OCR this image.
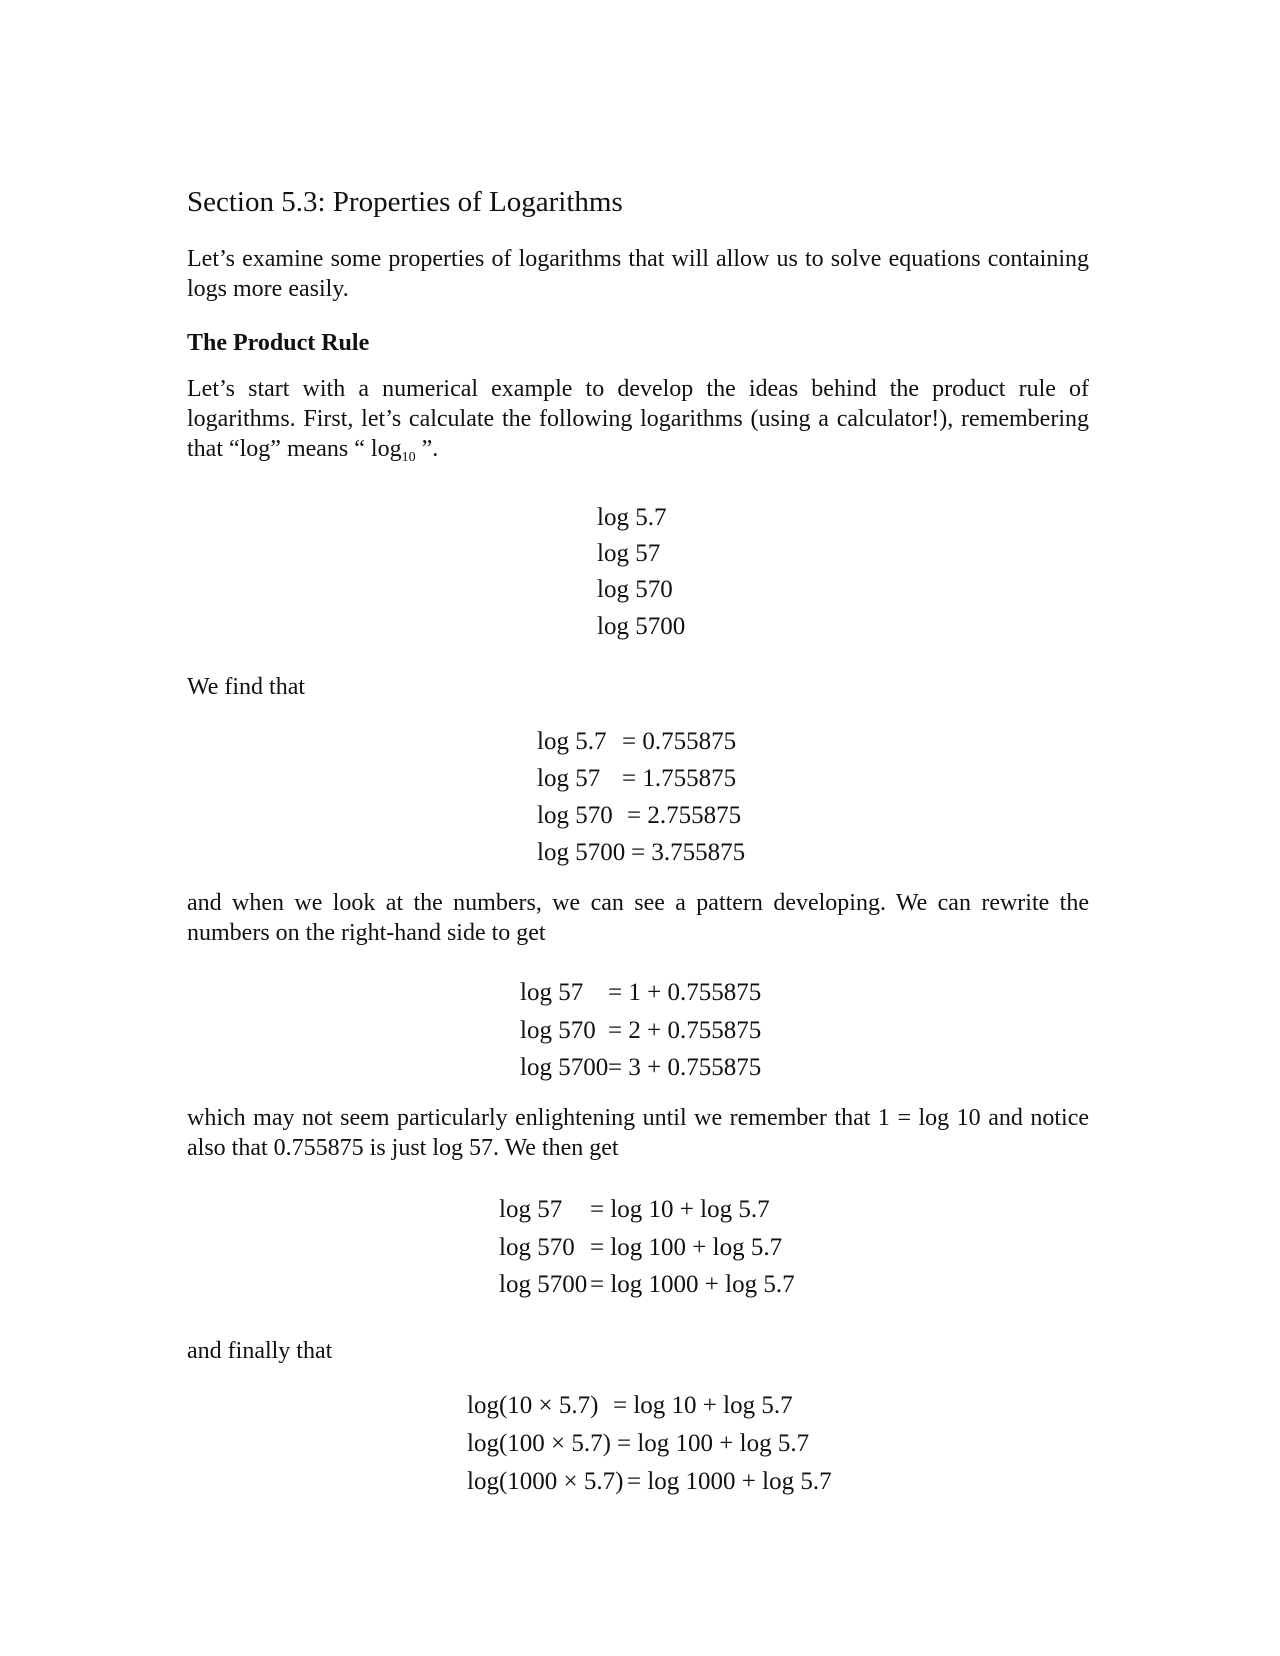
Section 5.3: Properties of Logarithms

Let’s examine some properties of logarithms that will allow us to solve equations containing logs more easily.

The Product Rule

Let’s start with a numerical example to develop the ideas behind the product rule of logarithms. First, let’s calculate the following logarithms (using a calculator!), remembering that “log” means “ $\log_{10}$ ”.

log 5.7
log 57
log 570
log 5700

We find that

log 5.7 = 0.755875
log 57 = 1.755875
log 570 = 2.755875
log 5700 = 3.755875

and when we look at the numbers, we can see a pattern developing. We can rewrite the numbers on the right-hand side to get

log 57 = 1 + 0.755875
log 570 = 2 + 0.755875
log 5700 = 3 + 0.755875

which may not seem particularly enlightening until we remember that 1 = log 10 and notice also that 0.755875 is just log 57. We then get

log 57 = log 10 + log 5.7
log 570 = log 100 + log 5.7
log 5700 = log 1000 + log 5.7

and finally that

log(10 × 5.7) = log 10 + log 5.7
log(100 × 5.7) = log 100 + log 5.7
log(1000 × 5.7) = log 1000 + log 5.7
